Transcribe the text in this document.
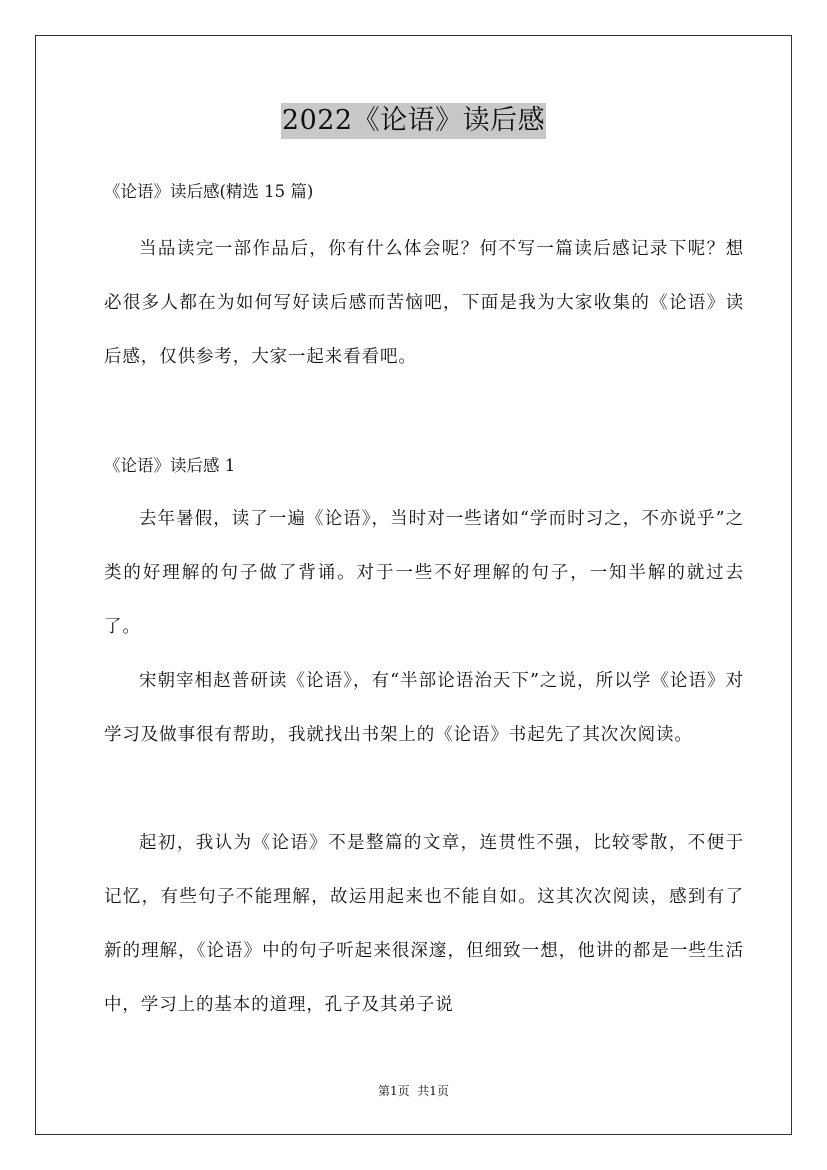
2022《论语》读后感
《论语》读后感(精选 15 篇)

当品读完一部作品后，你有什么体会呢？何不写一篇读后感记录下呢？想必很多人都在为如何写好读后感而苦恼吧，下面是我为大家收集的《论语》读后感，仅供参考，大家一起来看看吧。

《论语》读后感 1

去年暑假，读了一遍《论语》，当时对一些诸如“学而时习之，不亦说乎”之类的好理解的句子做了背诵。对于一些不好理解的句子，一知半解的就过去了。

宋朝宰相赵普研读《论语》，有“半部论语治天下”之说，所以学《论语》对学习及做事很有帮助，我就找出书架上的《论语》书起先了其次次阅读。

起初，我认为《论语》不是整篇的文章，连贯性不强，比较零散，不便于记忆，有些句子不能理解，故运用起来也不能自如。这其次次阅读，感到有了新的理解，《论语》中的句子听起来很深邃，但细致一想，他讲的都是一些生活中，学习上的基本的道理，孔子及其弟子说

第1页  共1页
